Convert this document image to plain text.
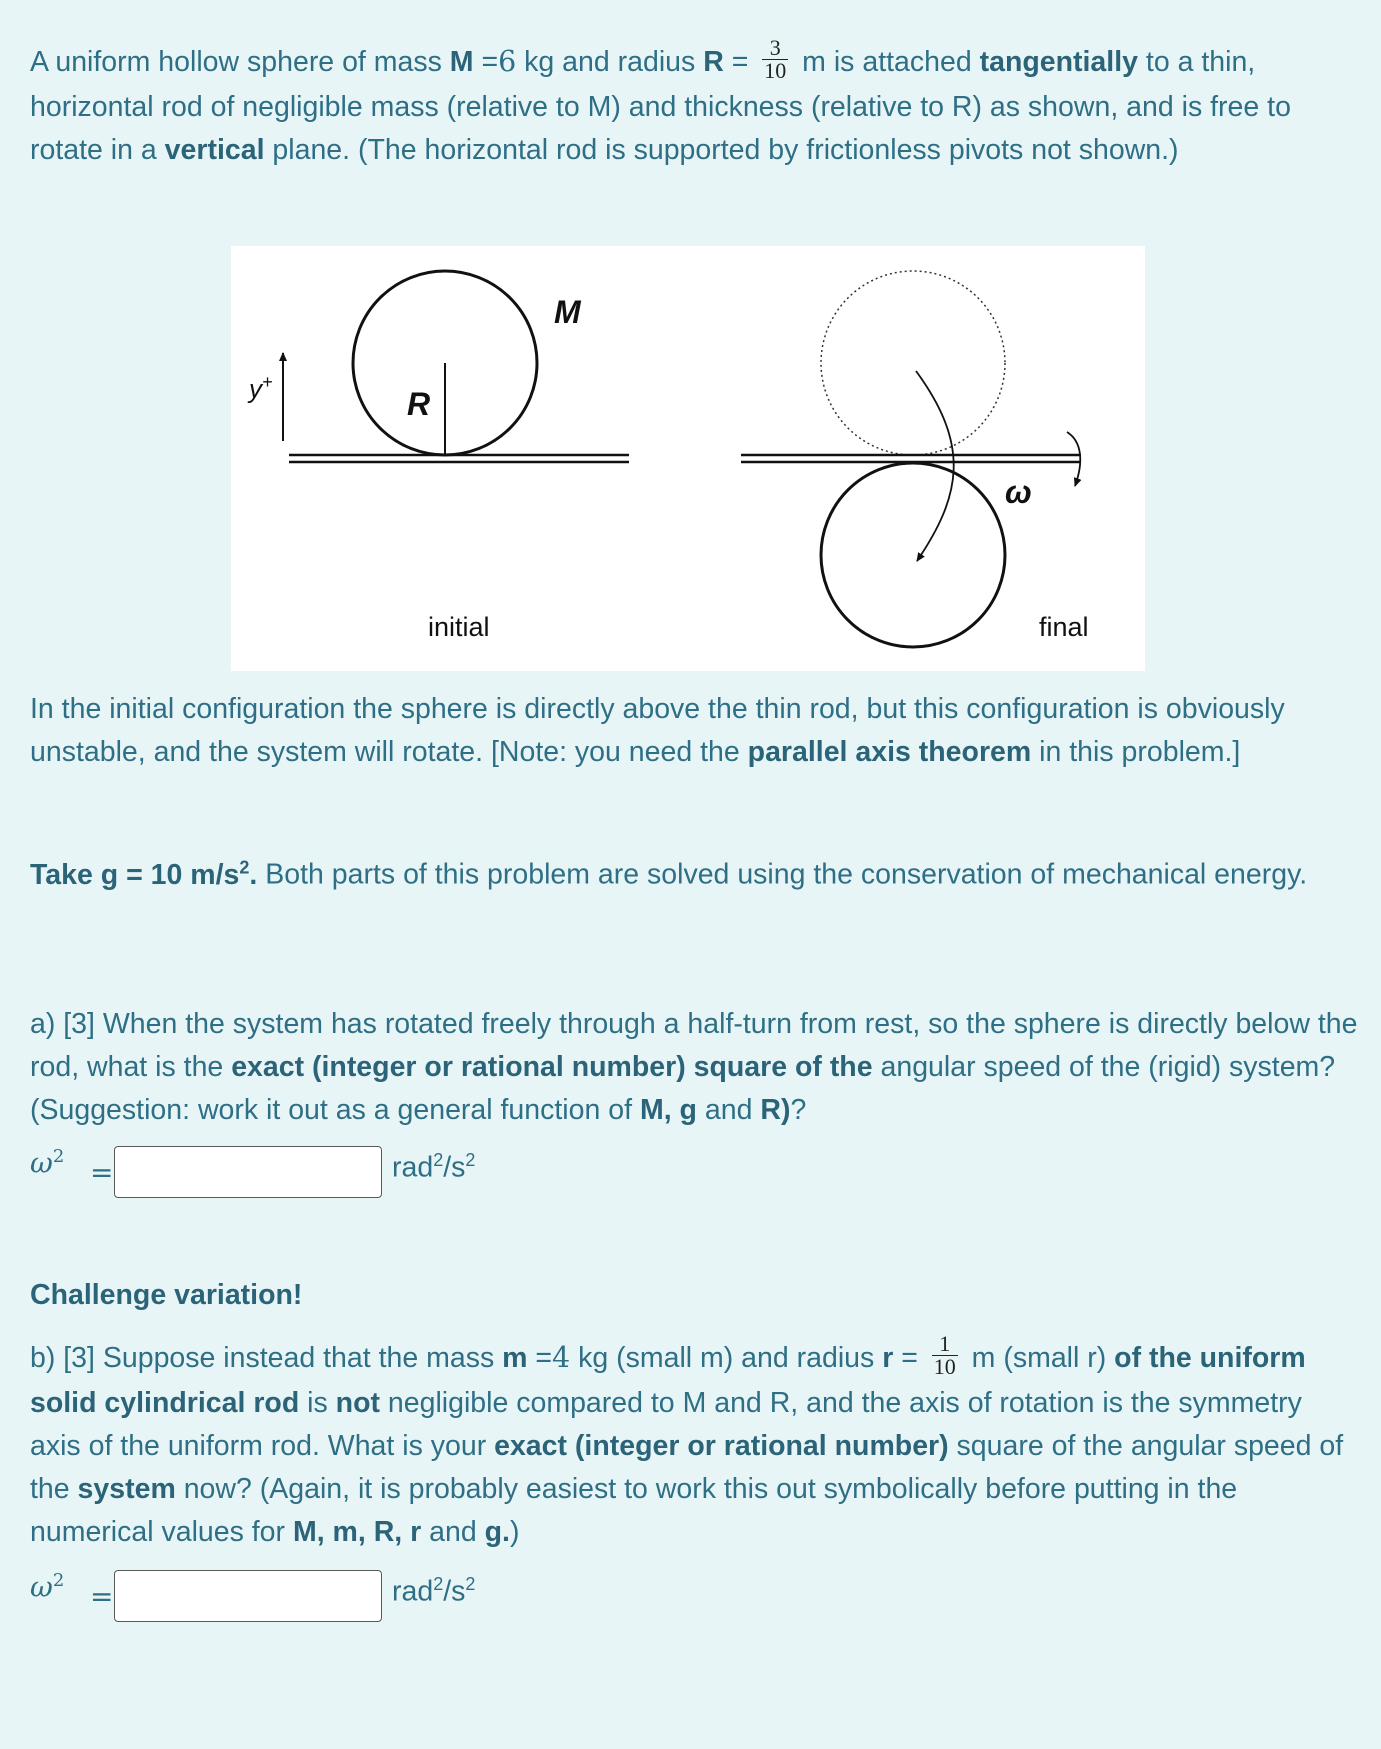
A uniform hollow sphere of mass M =6 kg and radius $R = \frac{3}{10}$ m is attached tangentially to a thin, horizontal rod of negligible mass (relative to M) and thickness (relative to R) as shown, and is free to rotate in a vertical plane. (The horizontal rod is supported by frictionless pivots not shown.)

y+
R
M
ω
initial	final

In the initial configuration the sphere is directly above the thin rod, but this configuration is obviously unstable, and the system will rotate. [Note: you need the parallel axis theorem in this problem.]

Take g = 10 $m/s^2$. Both parts of this problem are solved using the conservation of mechanical energy.

a) [3] When the system has rotated freely through a half-turn from rest, so the sphere is directly below the rod, what is the exact (integer or rational number) square of the angular speed of the (rigid) system? (Suggestion: work it out as a general function of M, g and R)?

$\omega^2$ =	$rad^2/s^2$

Challenge variation!

b) [3] Suppose instead that the mass m =4 kg (small m) and radius $r = \frac{1}{10}$ m (small r) of the uniform solid cylindrical rod is not negligible compared to M and R, and the axis of rotation is the symmetry axis of the uniform rod. What is your exact (integer or rational number) square of the angular speed of the system now? (Again, it is probably easiest to work this out symbolically before putting in the numerical values for M, m, R, r and g.)

$\omega^2$ =	$rad^2/s^2$
